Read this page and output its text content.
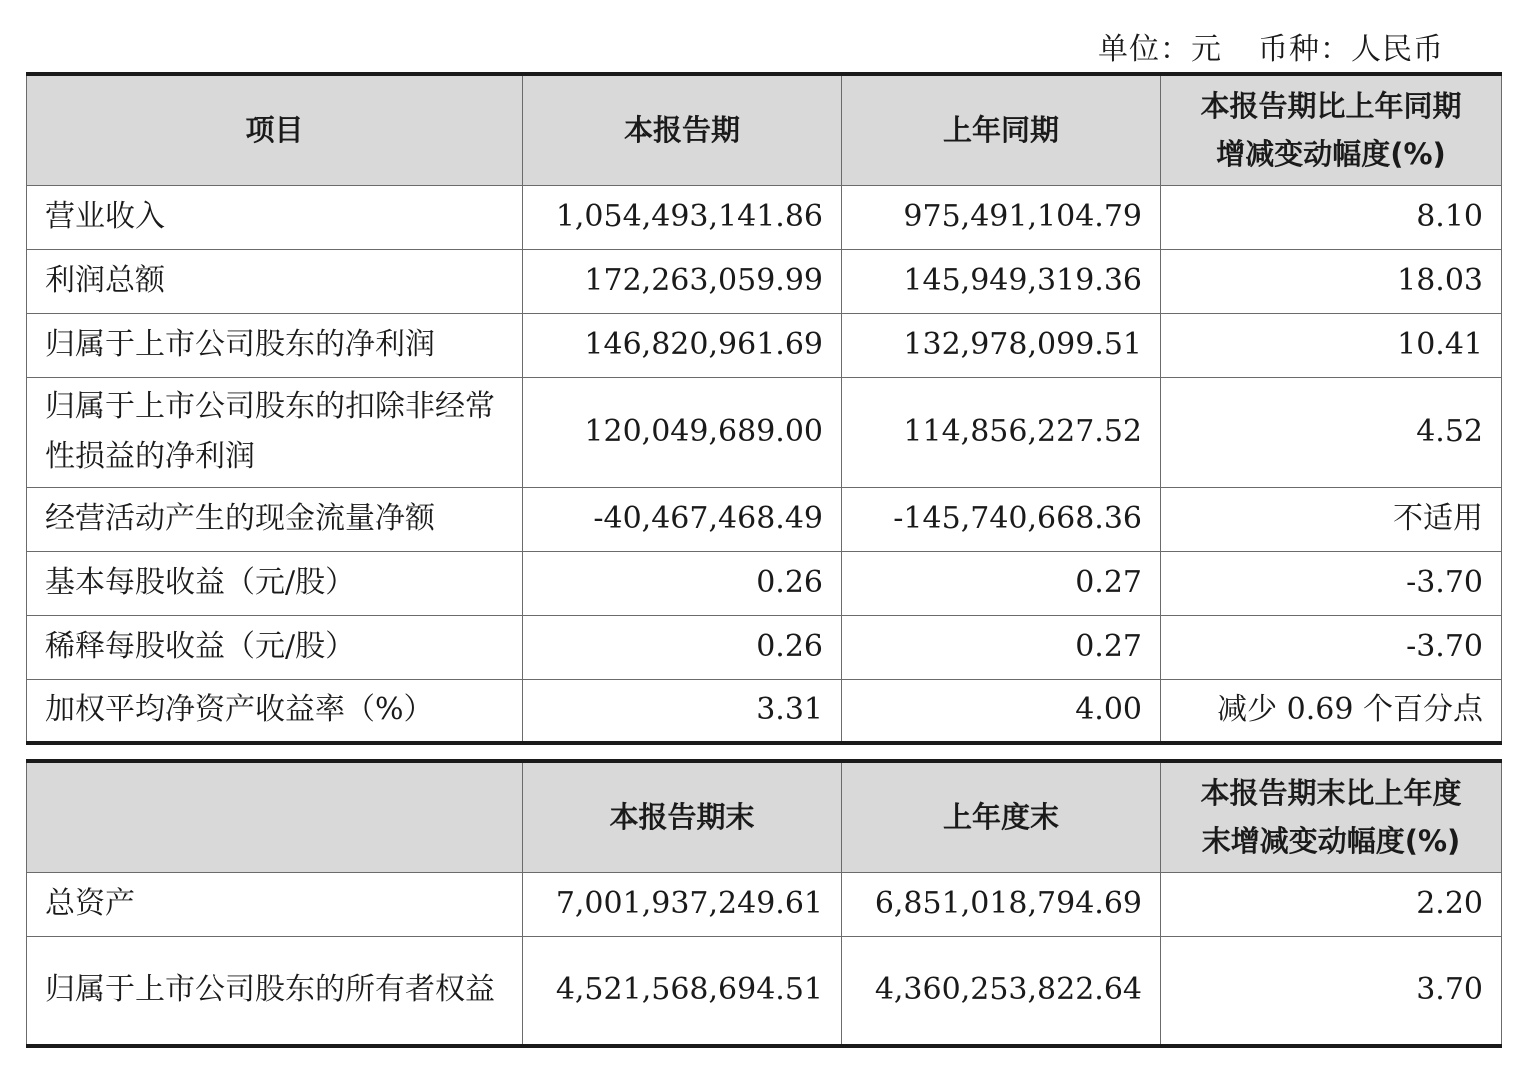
单位：元 币种：人民币
项目	本报告期	上年同期	本报告期比上年同期
增减变动幅度(%)

营业收入	1,054,493,141.86	975,491,104.79	8.10
利润总额	172,263,059.99	145,949,319.36	18.03
归属于上市公司股东的净利润	146,820,961.69	132,978,099.51	10.41
归属于上市公司股东的扣除非经常性损益的净利润	120,049,689.00	114,856,227.52	4.52
经营活动产生的现金流量净额	-40,467,468.49	-145,740,668.36	不适用
基本每股收益（元/股）	0.26	0.27	-3.70
稀释每股收益（元/股）	0.26	0.27	-3.70
加权平均净资产收益率（%）	3.31	4.00	减少 0.69 个百分点
	本报告期末	上年度末	本报告期末比上年度
末增减变动幅度(%)

总资产	7,001,937,249.61	6,851,018,794.69	2.20
归属于上市公司股东的所有者权益	4,521,568,694.51	4,360,253,822.64	3.70
